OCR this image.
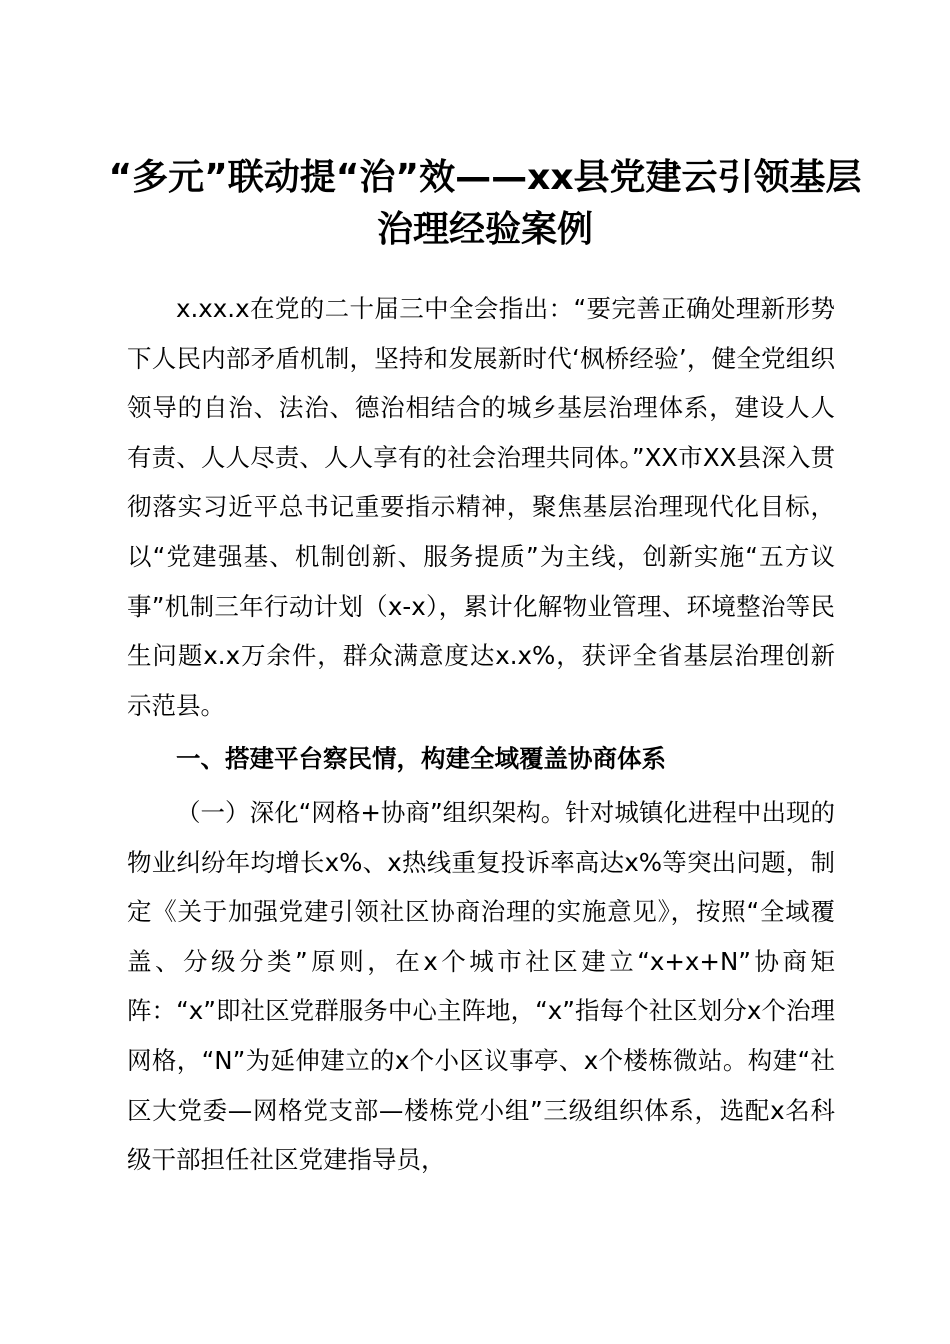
“多元”联动提“治”效——xx县党建云引领基层治理经验案例

x.xx.x在党的二十届三中全会指出：“要完善正确处理新形势下人民内部矛盾机制，坚持和发展新时代‘枫桥经验’，健全党组织领导的自治、法治、德治相结合的城乡基层治理体系，建设人人有责、人人尽责、人人享有的社会治理共同体。”XX市XX县深入贯彻落实习近平总书记重要指示精神，聚焦基层治理现代化目标，以“党建强基、机制创新、服务提质”为主线，创新实施“五方议事”机制三年行动计划（x-x），累计化解物业管理、环境整治等民生问题x.x万余件，群众满意度达x.x%，获评全省基层治理创新示范县。

一、搭建平台察民情，构建全域覆盖协商体系

（一）深化“网格+协商”组织架构。针对城镇化进程中出现的物业纠纷年均增长x%、x热线重复投诉率高达x%等突出问题，制定《关于加强党建引领社区协商治理的实施意见》，按照“全域覆盖、分级分类”原则，在x个城市社区建立“x+x+N”协商矩阵：“x”即社区党群服务中心主阵地，“x”指每个社区划分x个治理网格，“N”为延伸建立的x个小区议事亭、x个楼栋微站。构建“社区大党委—网格党支部—楼栋党小组”三级组织体系，选配x名科级干部担任社区党建指导员，
